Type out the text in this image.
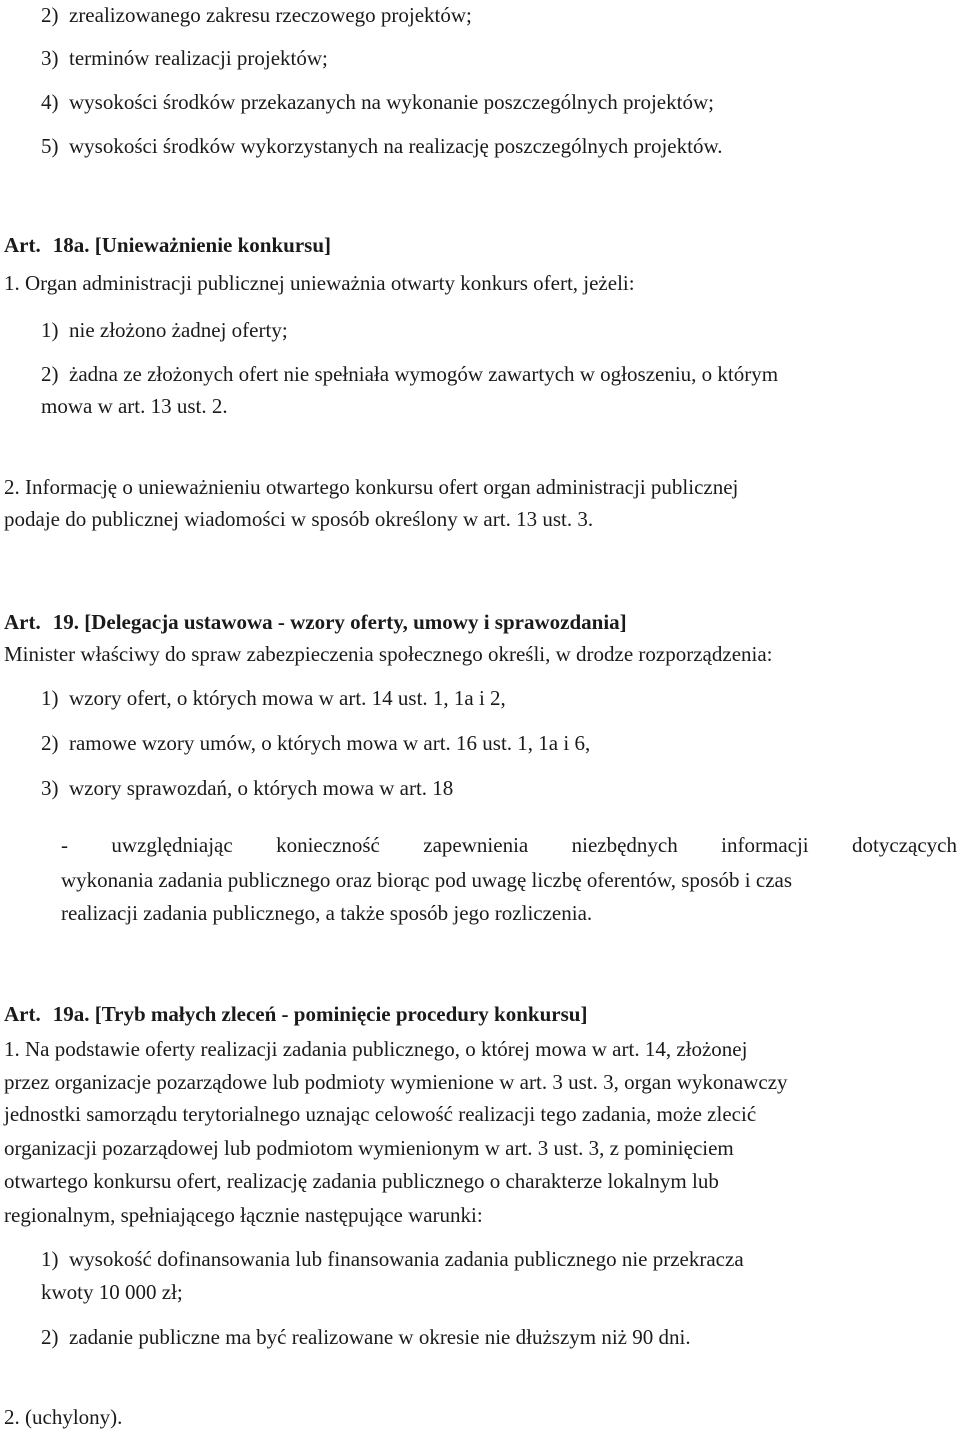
2)  zrealizowanego zakresu rzeczowego projektów;
3)  terminów realizacji projektów;
4)  wysokości środków przekazanych na wykonanie poszczególnych projektów;
5)  wysokości środków wykorzystanych na realizację poszczególnych projektów.
Art. 18a. [Unieważnienie konkursu]
1. Organ administracji publicznej unieważnia otwarty konkurs ofert, jeżeli:
1)  nie złożono żadnej oferty;
2)  żadna ze złożonych ofert nie spełniała wymogów zawartych w ogłoszeniu, o którym
mowa w art. 13 ust. 2.
2. Informację o unieważnieniu otwartego konkursu ofert organ administracji publicznej
podaje do publicznej wiadomości w sposób określony w art. 13 ust. 3.
Art. 19. [Delegacja ustawowa - wzory oferty, umowy i sprawozdania]
Minister właściwy do spraw zabezpieczenia społecznego określi, w drodze rozporządzenia:
1)  wzory ofert, o których mowa w art. 14 ust. 1, 1a i 2,
2)  ramowe wzory umów, o których mowa w art. 16 ust. 1, 1a i 6,
3)  wzory sprawozdań, o których mowa w art. 18
- uwzględniając konieczność zapewnienia niezbędnych informacji dotyczących
wykonania zadania publicznego oraz biorąc pod uwagę liczbę oferentów, sposób i czas
realizacji zadania publicznego, a także sposób jego rozliczenia.
Art. 19a. [Tryb małych zleceń - pominięcie procedury konkursu]
1. Na podstawie oferty realizacji zadania publicznego, o której mowa w art. 14, złożonej
przez organizacje pozarządowe lub podmioty wymienione w art. 3 ust. 3, organ wykonawczy
jednostki samorządu terytorialnego uznając celowość realizacji tego zadania, może zlecić
organizacji pozarządowej lub podmiotom wymienionym w art. 3 ust. 3, z pominięciem
otwartego konkursu ofert, realizację zadania publicznego o charakterze lokalnym lub
regionalnym, spełniającego łącznie następujące warunki:
1)  wysokość dofinansowania lub finansowania zadania publicznego nie przekracza
kwoty 10 000 zł;
2)  zadanie publiczne ma być realizowane w okresie nie dłuższym niż 90 dni.
2. (uchylony).
